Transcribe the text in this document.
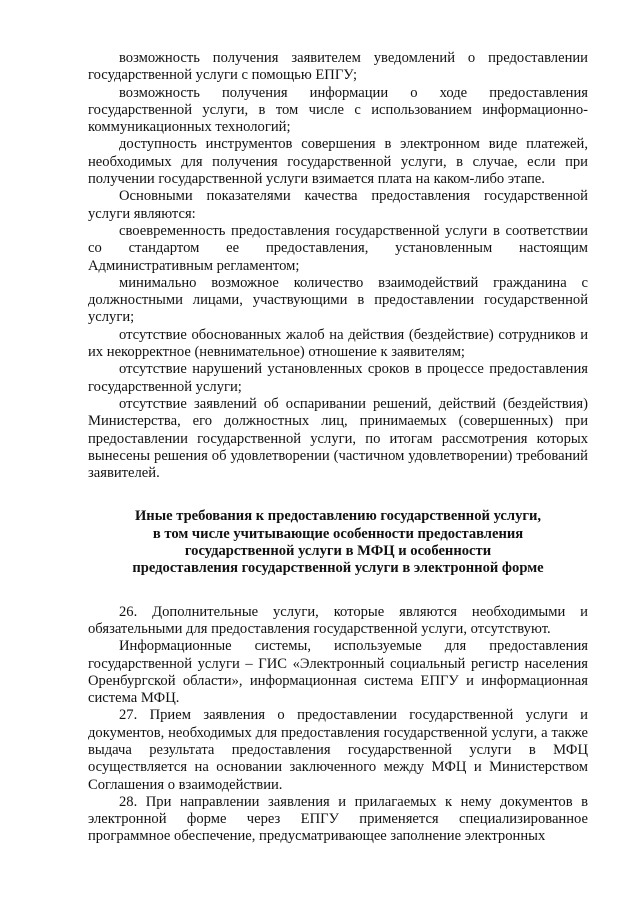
возможность получения заявителем уведомлений о предоставлении государственной услуги с помощью ЕПГУ;

возможность получения информации о ходе предоставления государственной услуги, в том числе с использованием информационно-коммуникационных технологий;

доступность инструментов совершения в электронном виде платежей, необходимых для получения государственной услуги, в случае, если при получении государственной услуги взимается плата на каком-либо этапе.

Основными показателями качества предоставления государственной услуги являются:

своевременность предоставления государственной услуги в соответствии со стандартом ее предоставления, установленным настоящим Административным регламентом;

минимально возможное количество взаимодействий гражданина с должностными лицами, участвующими в предоставлении государственной услуги;

отсутствие обоснованных жалоб на действия (бездействие) сотрудников и их некорректное (невнимательное) отношение к заявителям;

отсутствие нарушений установленных сроков в процессе предоставления государственной услуги;

отсутствие заявлений об оспаривании решений, действий (бездействия) Министерства, его должностных лиц, принимаемых (совершенных) при предоставлении государственной услуги, по итогам рассмотрения которых вынесены решения об удовлетворении (частичном удовлетворении) требований заявителей.

Иные требования к предоставлению государственной услуги,
в том числе учитывающие особенности предоставления
государственной услуги в МФЦ и особенности
предоставления государственной услуги в электронной форме

26. Дополнительные услуги, которые являются необходимыми и обязательными для предоставления государственной услуги, отсутствуют.

Информационные системы, используемые для предоставления государственной услуги – ГИС «Электронный социальный регистр населения Оренбургской области», информационная система ЕПГУ и информационная система МФЦ.

27. Прием заявления о предоставлении государственной услуги и документов, необходимых для предоставления государственной услуги, а также выдача результата предоставления государственной услуги в МФЦ осуществляется на основании заключенного между МФЦ и Министерством Соглашения о взаимодействии.

28. При направлении заявления и прилагаемых к нему документов в электронной форме через ЕПГУ применяется специализированное программное обеспечение, предусматривающее заполнение электронных
